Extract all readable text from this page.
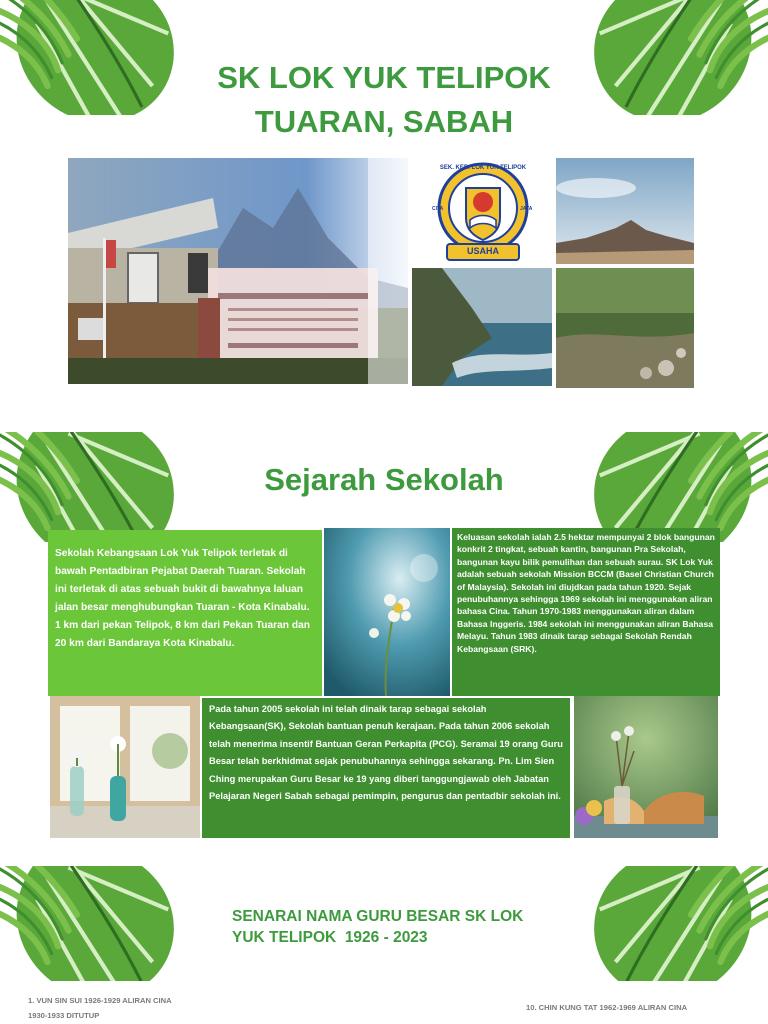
SK LOK YUK TELIPOK
TUARAN, SABAH
SEK. KEB. LOK YUK TELIPOK
CITA	JAYA
USAHA
Sejarah Sekolah
Sekolah Kebangsaan Lok Yuk Telipok terletak di bawah Pentadbiran Pejabat Daerah Tuaran. Sekolah ini terletak di atas sebuah bukit di bawahnya laluan jalan besar menghubungkan Tuaran - Kota Kinabalu. 1 km dari pekan Telipok, 8 km dari Pekan Tuaran dan 20 km dari Bandaraya Kota Kinabalu.
Keluasan sekolah ialah 2.5 hektar mempunyai 2 blok bangunan konkrit 2 tingkat, sebuah kantin, bangunan Pra Sekolah, bangunan kayu bilik pemulihan dan sebuah surau. SK Lok Yuk adalah sebuah sekolah Mission BCCM (Basel Christian Church of Malaysia). Sekolah ini diujdkan pada tahun 1920. Sejak penubuhannya sehingga 1969 sekolah ini menggunakan aliran bahasa Cina. Tahun 1970-1983 menggunakan aliran dalam Bahasa Inggeris. 1984 sekolah ini menggunakan aliran Bahasa Melayu. Tahun 1983 dinaik tarap sebagai Sekolah Rendah Kebangsaan (SRK).
Pada tahun 2005 sekolah ini telah dinaik tarap sebagai sekolah Kebangsaan(SK), Sekolah bantuan penuh kerajaan. Pada tahun 2006 sekolah telah menerima insentif Bantuan Geran Perkapita (PCG). Seramai 19 orang Guru Besar telah berkhidmat sejak penubuhannya sehingga sekarang. Pn. Lim Sien Ching merupakan Guru Besar ke 19 yang diberi tanggungjawab oleh Jabatan Pelajaran Negeri Sabah sebagai pemimpin, pengurus dan pentadbir sekolah ini.
SENARAI NAMA GURU BESAR SK LOK
YUK TELIPOK  1926 - 2023
1. VUN SIN SUI 1926-1929 ALIRAN CINA
1930-1933 DITUTUP
10. CHIN KUNG TAT 1962-1969 ALIRAN CINA
